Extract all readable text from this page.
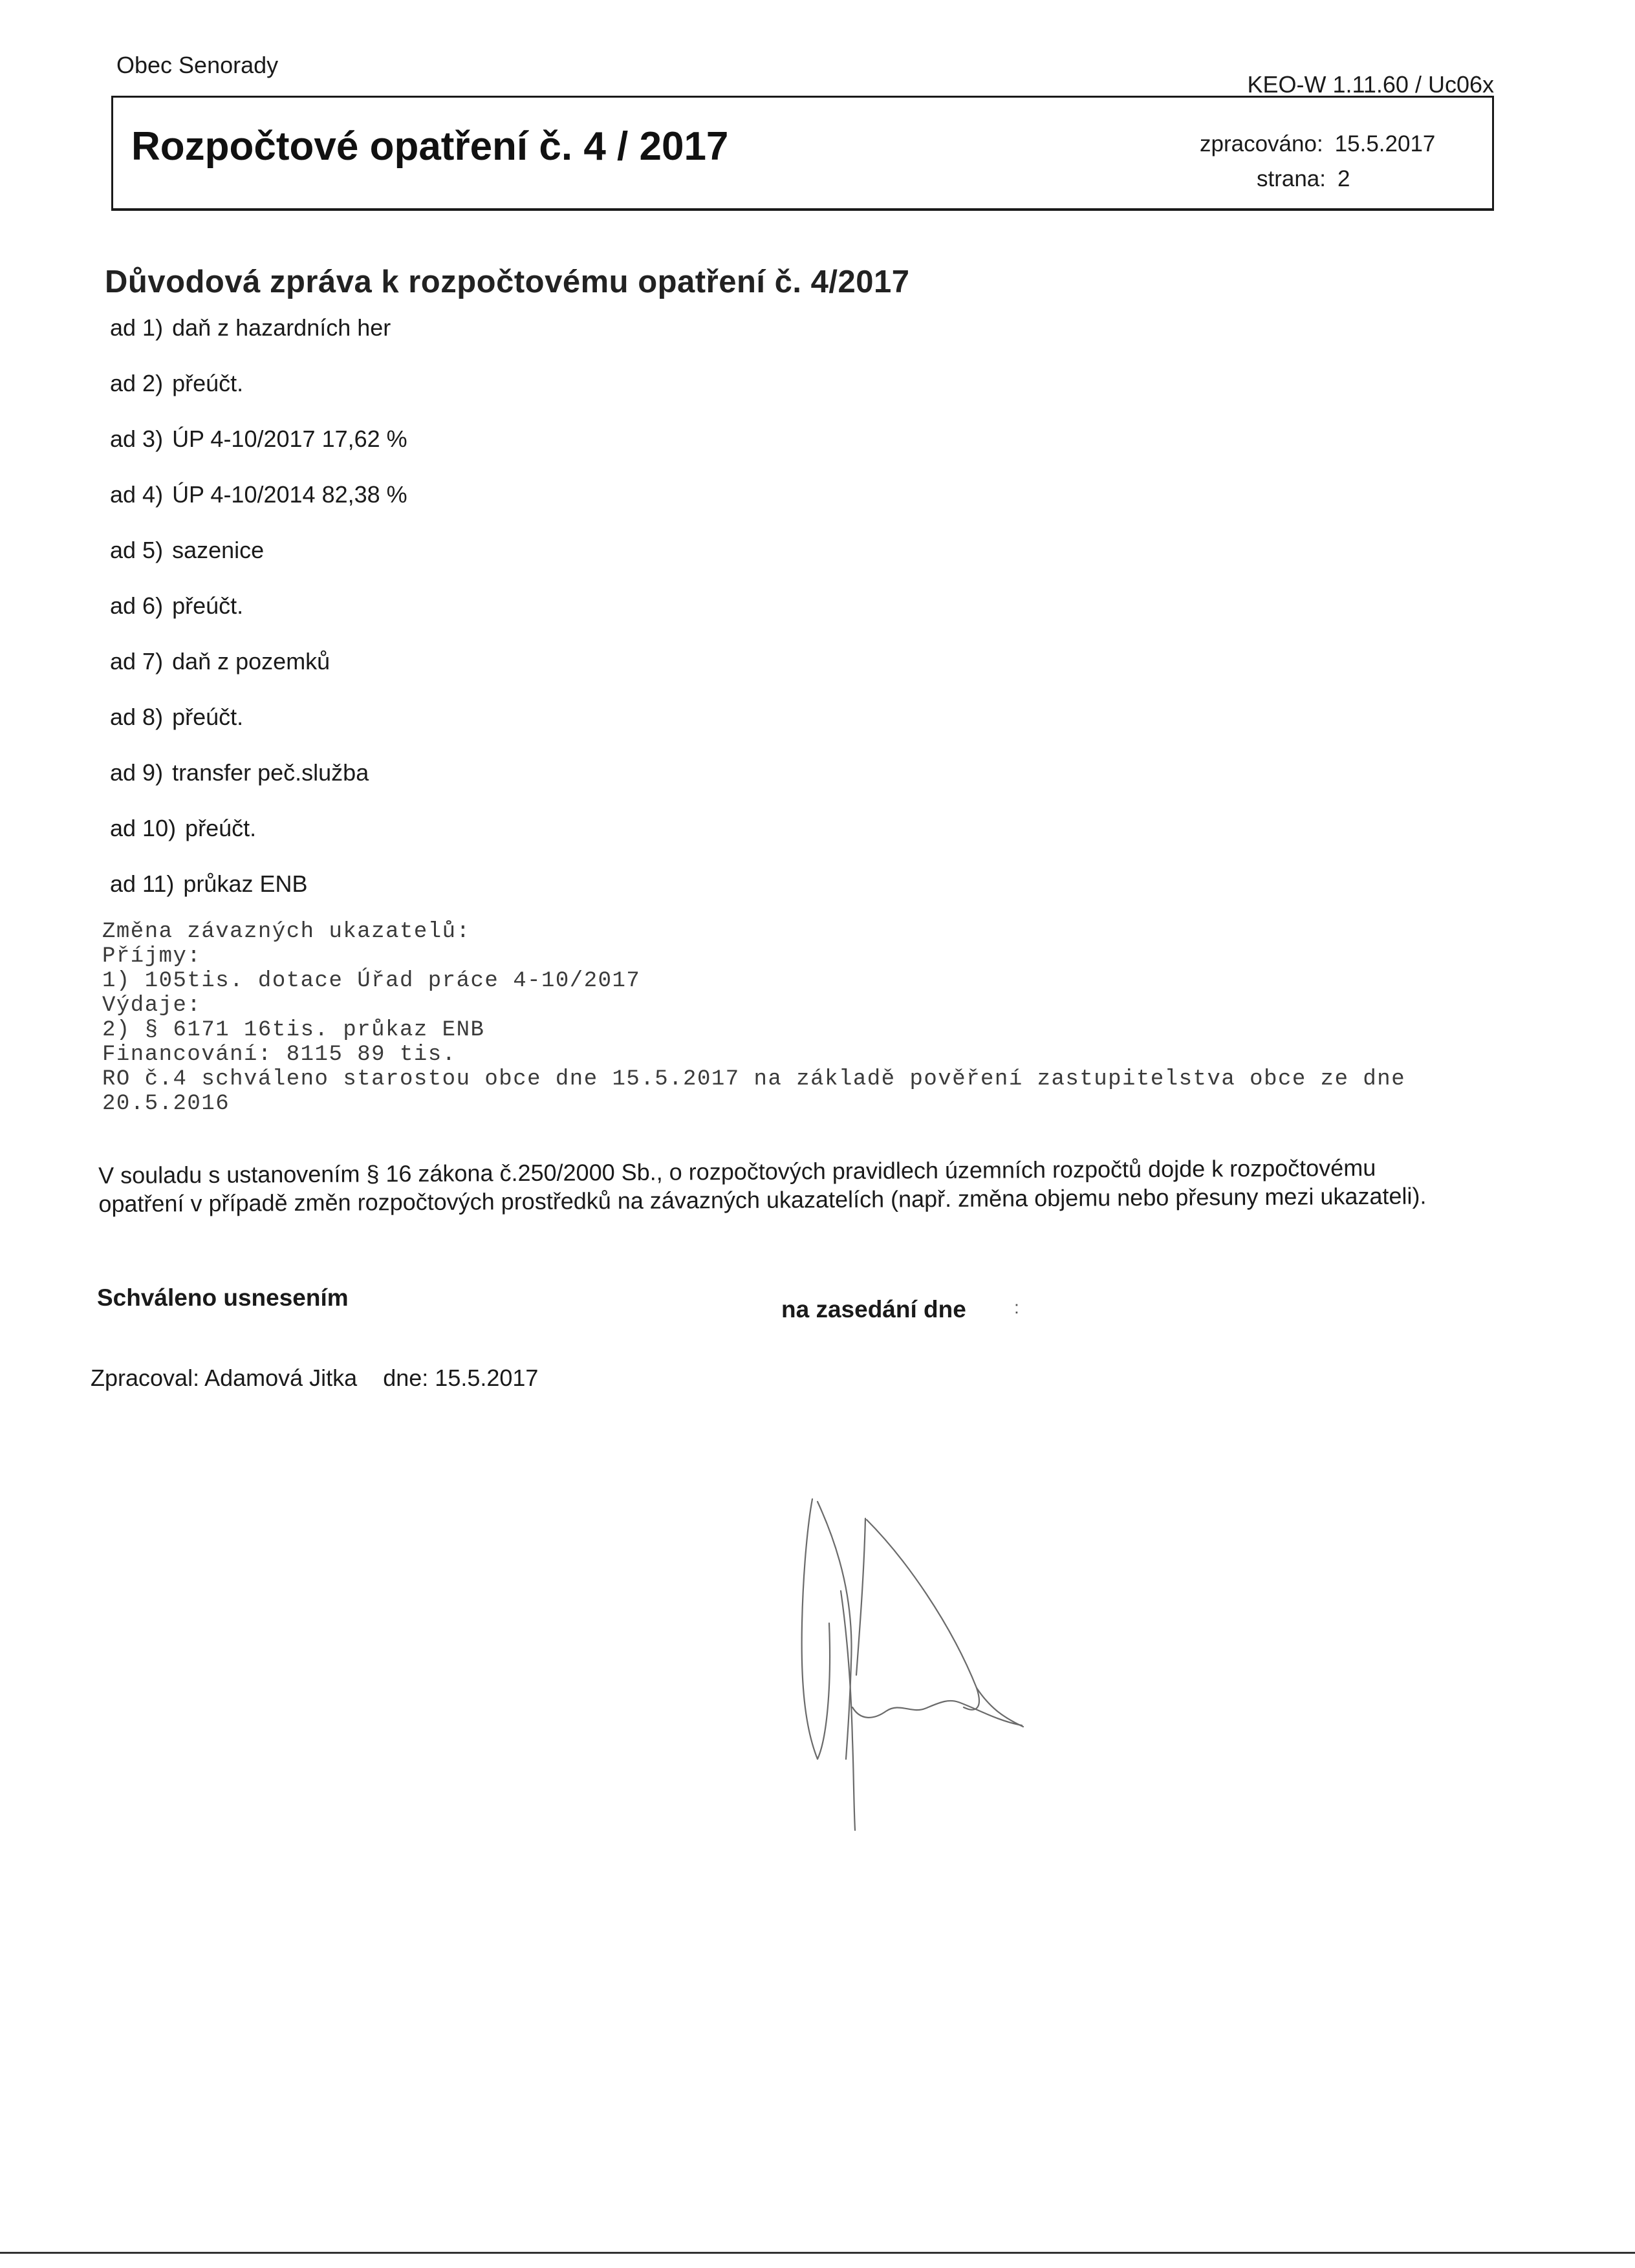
Obec Senorady
KEO-W 1.11.60 / Uc06x
Rozpočtové opatření č. 4 / 2017	zpracováno: 15.5.2017
strana: 2
Důvodová zpráva k rozpočtovému opatření č. 4/2017
ad 1) daň z hazardních her
ad 2) přeúčt.
ad 3) ÚP 4-10/2017 17,62 %
ad 4) ÚP 4-10/2014 82,38 %
ad 5) sazenice
ad 6) přeúčt.
ad 7) daň z pozemků
ad 8) přeúčt.
ad 9) transfer peč.služba
ad 10) přeúčt.
ad 11) průkaz ENB
Změna závazných ukazatelů:
Příjmy:
1) 105tis. dotace Úřad práce 4-10/2017
Výdaje:
2) § 6171 16tis. průkaz ENB
Financování: 8115 89 tis.
RO č.4 schváleno starostou obce dne 15.5.2017 na základě pověření zastupitelstva obce ze dne
20.5.2016
V souladu s ustanovením § 16 zákona č.250/2000 Sb., o rozpočtových pravidlech územních rozpočtů dojde k rozpočtovému opatření v případě změn rozpočtových prostředků na závazných ukazatelích (např. změna objemu nebo přesuny mezi ukazateli).
Schváleno usnesením	na zasedání dne	:
Zpracoval: Adamová Jitka dne: 15.5.2017
